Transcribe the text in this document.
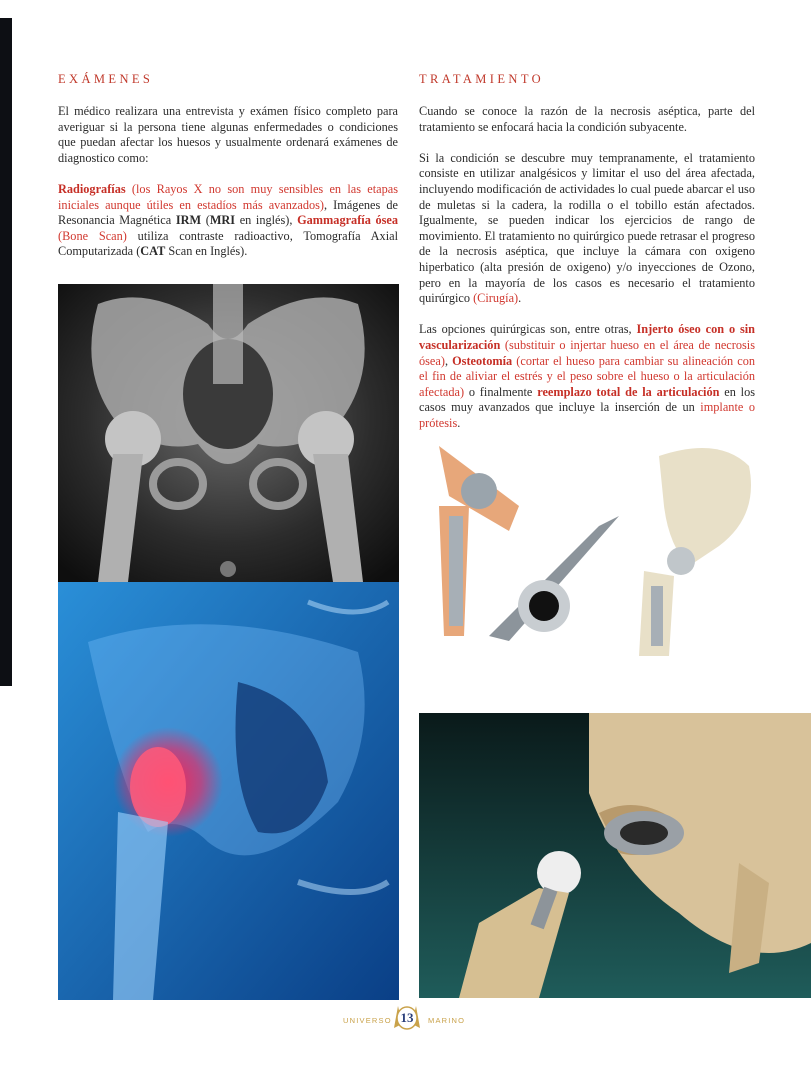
EXÁMENES

El médico realizara una entrevista y exámen físico completo para averiguar si la persona tiene algunas enfermedades o condiciones que puedan afectar los huesos y usualmente ordenará exámenes de diagnostico como:

Radiografías (los Rayos X no son muy sensibles en las etapas iniciales aunque útiles en estadíos más avanzados), Imágenes de Resonancia Magnética IRM (MRI en inglés), Gammagrafía ósea (Bone Scan) utiliza contraste radioactivo, Tomografía Axial Computarizada (CAT Scan en Inglés).

TRATAMIENTO

Cuando se conoce la razón de la necrosis aséptica, parte del tratamiento se enfocará hacia la condición subyacente.

Si la condición se descubre muy tempranamente, el tratamiento consiste en utilizar analgésicos y limitar el uso del área afectada, incluyendo modificación de actividades lo cual puede abarcar el uso de muletas si la cadera, la rodilla o el tobillo están afectados. Igualmente, se pueden indicar los ejercicios de rango de movimiento. El tratamiento no quirúrgico puede retrasar el progreso de la necrosis aséptica, que incluye la cámara con oxigeno hiperbatico (alta presión de oxigeno) y/o inyecciones de Ozono, pero en la mayoría de los casos es necesario el tratamiento quirúrgico (Cirugía).

Las opciones quirúrgicas son, entre otras, Injerto óseo con o sin vascularización (substituir o injertar hueso en el área de necrosis ósea), Osteotomía (cortar el hueso para cambiar su alineación con el fin de aliviar el estrés y el peso sobre el hueso o la articulación afectada) o finalmente reemplazo total de la articulación en los casos muy avanzados que incluye la inserción de un implante o prótesis.

UNIVERSO 13	MARINO
